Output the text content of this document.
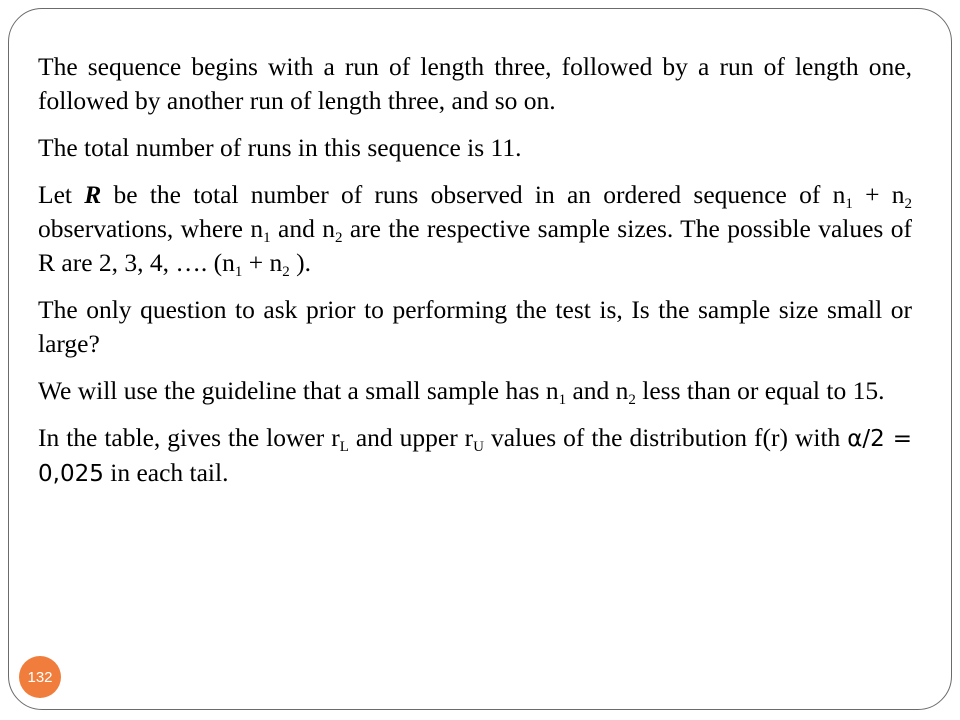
The sequence begins with a run of length three, followed by a run of length one, followed by another run of length three, and so on.

The total number of runs in this sequence is 11.

Let R be the total number of runs observed in an ordered sequence of $n_1 + n_2$ observations, where $n_1$ and $n_2$ are the respective sample sizes. The possible values of R are 2, 3, 4, …. ($n_1 + n_2$ ).

The only question to ask prior to performing the test is, Is the sample size small or large?

We will use the guideline that a small sample has $n_1$ and $n_2$ less than or equal to 15.

In the table, gives the lower $r_L$ and upper $r_U$ values of the distribution f(r) with α/2 = 0,025 in each tail.

132
